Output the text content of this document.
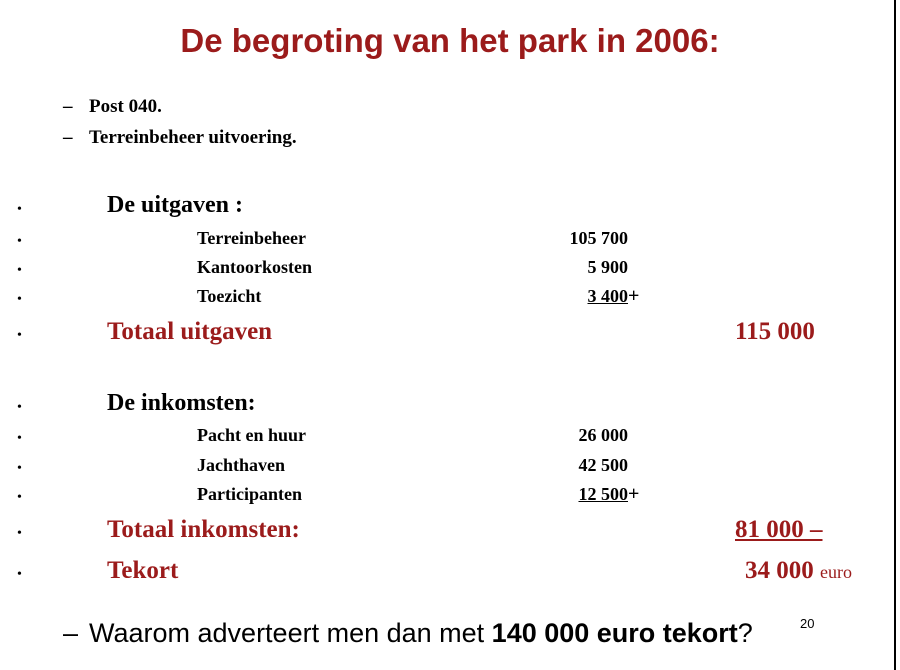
De begroting van het park in 2006:
– Post 040.
– Terreinbeheer uitvoering.
•	De uitgaven :
•	Terreinbeheer	105 700
•	Kantoorkosten	5 900
•	Toezicht	3 400 +
•	Totaal uitgaven	115 000
•	De inkomsten:
•	Pacht en huur	26 000
•	Jachthaven	42 500
•	Participanten	12 500 +
•	Totaal inkomsten:	81 000 –
•	Tekort	34 000 euro
– Waarom adverteert men dan met 140 000 euro tekort?	20
